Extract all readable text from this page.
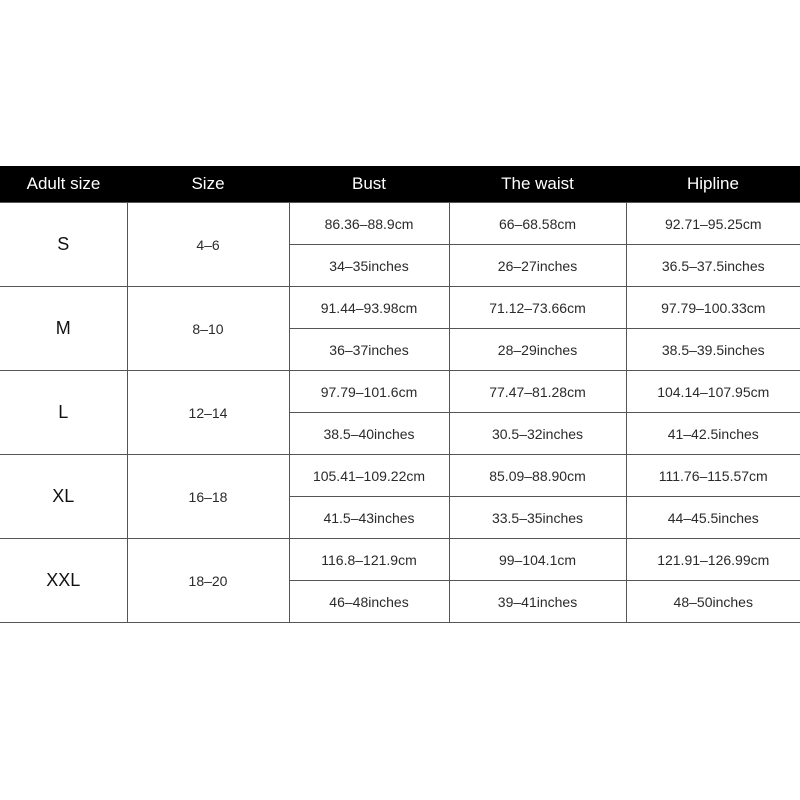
Adult size	Size	Bust	The waist	Hipline
S	4–6	86.36–88.9cm	66–68.58cm	92.71–95.25cm
		34–35inches	26–27inches	36.5–37.5inches
M	8–10	91.44–93.98cm	71.12–73.66cm	97.79–100.33cm
		36–37inches	28–29inches	38.5–39.5inches
L	12–14	97.79–101.6cm	77.47–81.28cm	104.14–107.95cm
		38.5–40inches	30.5–32inches	41–42.5inches
XL	16–18	105.41–109.22cm	85.09–88.90cm	111.76–115.57cm
		41.5–43inches	33.5–35inches	44–45.5inches
XXL	18–20	116.8–121.9cm	99–104.1cm	121.91–126.99cm
		46–48inches	39–41inches	48–50inches
